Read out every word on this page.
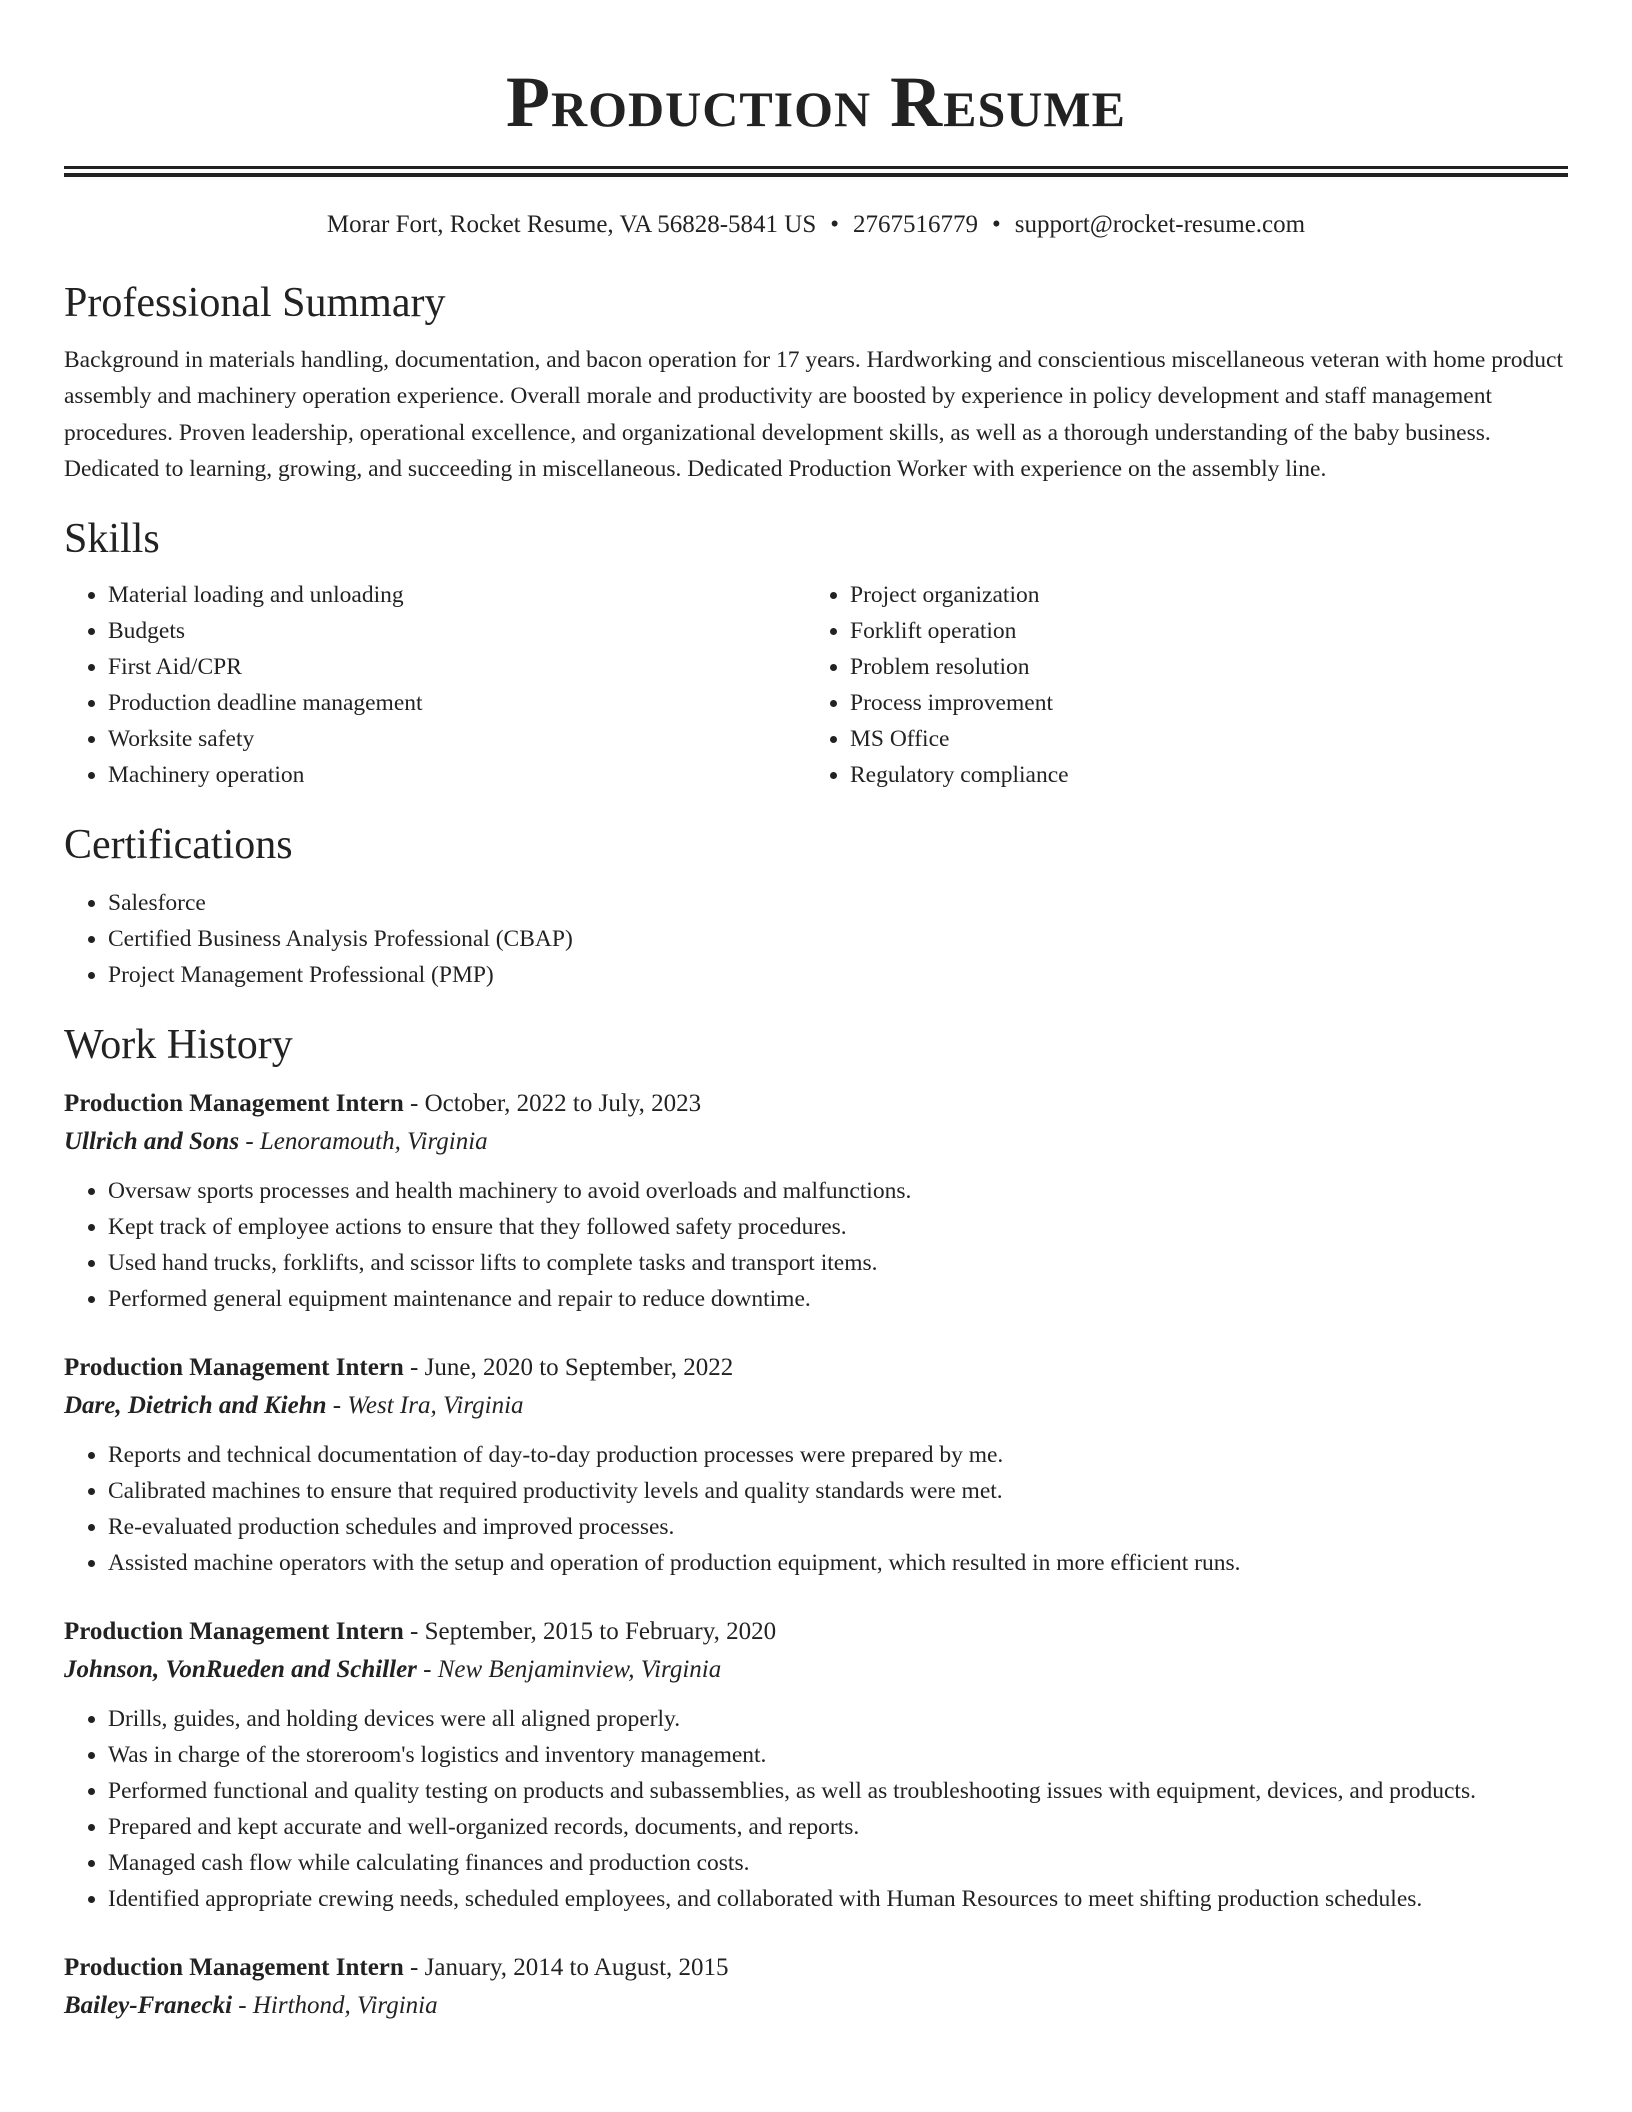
Production Resume
Morar Fort, Rocket Resume, VA 56828-5841 US • 2767516779 • support@rocket-resume.com
Professional Summary

Background in materials handling, documentation, and bacon operation for 17 years. Hardworking and conscientious miscellaneous veteran with home product assembly and machinery operation experience. Overall morale and productivity are boosted by experience in policy development and staff management procedures. Proven leadership, operational excellence, and organizational development skills, as well as a thorough understanding of the baby business. Dedicated to learning, growing, and succeeding in miscellaneous. Dedicated Production Worker with experience on the assembly line.

Skills
• Material loading and unloading
• Budgets
• First Aid/CPR
• Production deadline management
• Worksite safety
• Machinery operation
• Project organization
• Forklift operation
• Problem resolution
• Process improvement
• MS Office
• Regulatory compliance
Certifications
• Salesforce
• Certified Business Analysis Professional (CBAP)
• Project Management Professional (PMP)
Work History
Production Management Intern - October, 2022 to July, 2023
Ullrich and Sons - Lenoramouth, Virginia
• Oversaw sports processes and health machinery to avoid overloads and malfunctions.
• Kept track of employee actions to ensure that they followed safety procedures.
• Used hand trucks, forklifts, and scissor lifts to complete tasks and transport items.
• Performed general equipment maintenance and repair to reduce downtime.
Production Management Intern - June, 2020 to September, 2022
Dare, Dietrich and Kiehn - West Ira, Virginia
• Reports and technical documentation of day-to-day production processes were prepared by me.
• Calibrated machines to ensure that required productivity levels and quality standards were met.
• Re-evaluated production schedules and improved processes.
• Assisted machine operators with the setup and operation of production equipment, which resulted in more efficient runs.
Production Management Intern - September, 2015 to February, 2020
Johnson, VonRueden and Schiller - New Benjaminview, Virginia
• Drills, guides, and holding devices were all aligned properly.
• Was in charge of the storeroom's logistics and inventory management.
• Performed functional and quality testing on products and subassemblies, as well as troubleshooting issues with equipment, devices, and products.
• Prepared and kept accurate and well-organized records, documents, and reports.
• Managed cash flow while calculating finances and production costs.
• Identified appropriate crewing needs, scheduled employees, and collaborated with Human Resources to meet shifting production schedules.
Production Management Intern - January, 2014 to August, 2015
Bailey-Franecki - Hirthond, Virginia
